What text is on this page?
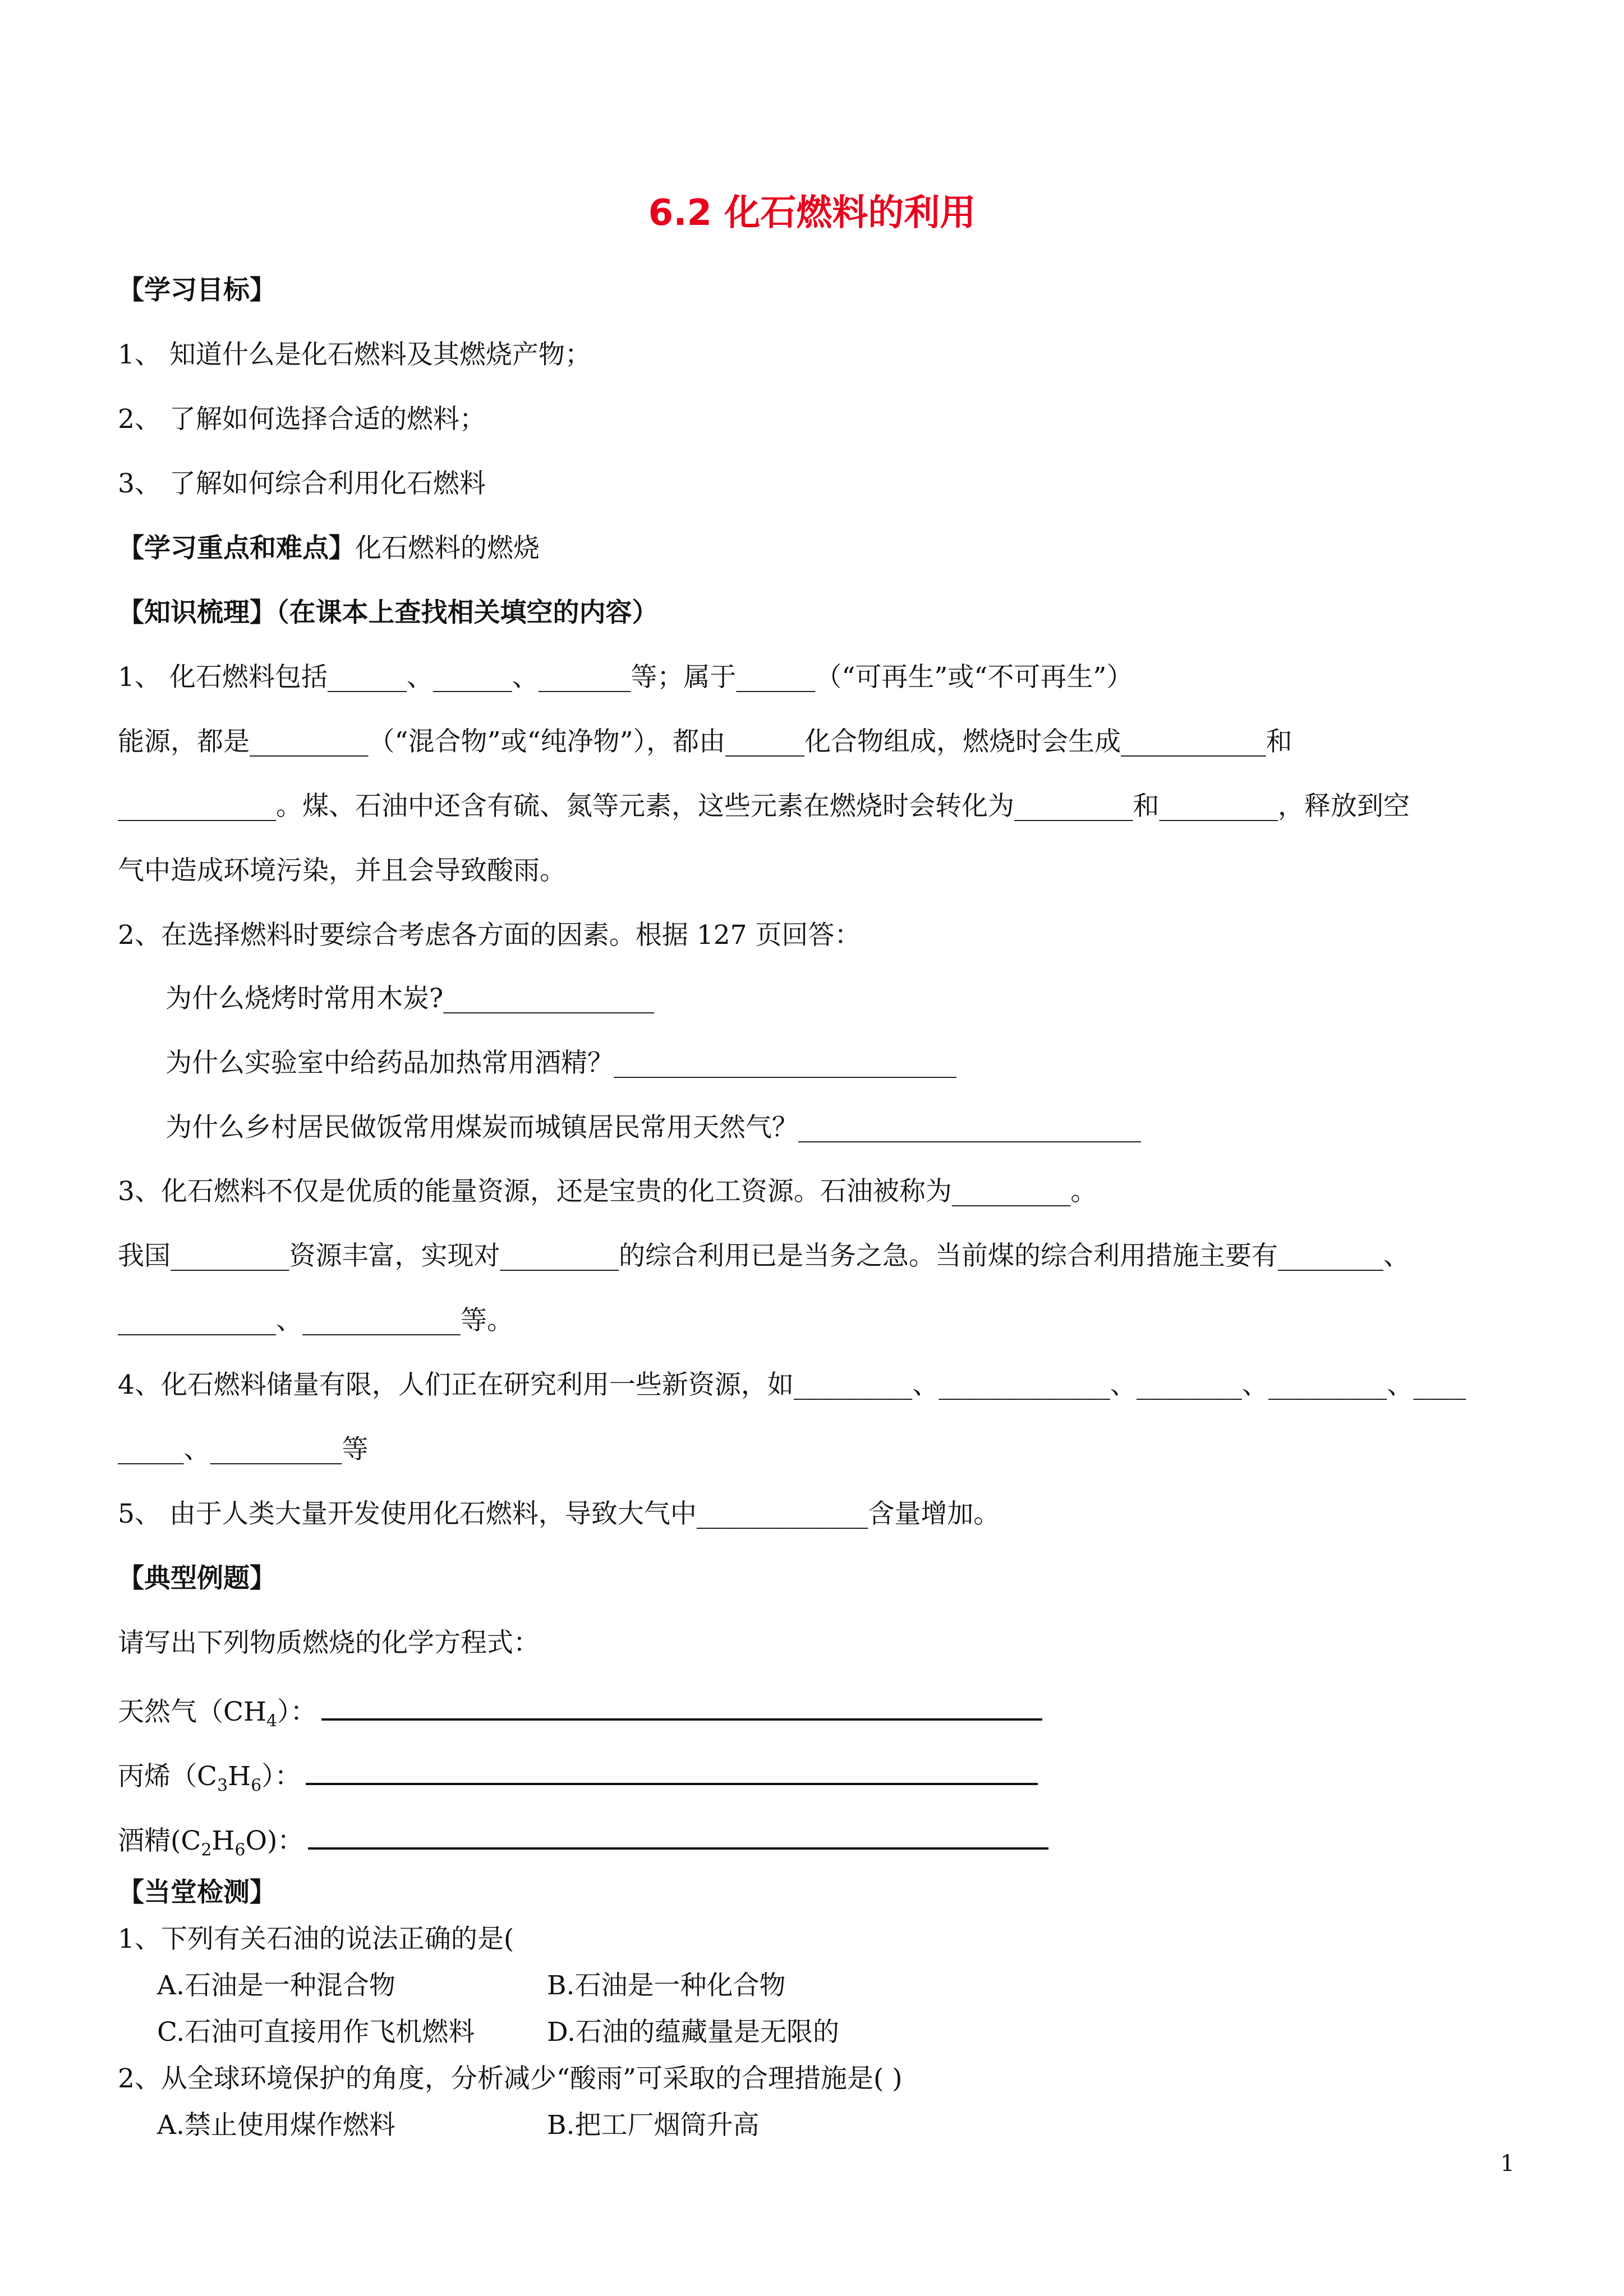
6.2 化石燃料的利用
【学习目标】
1、 知道什么是化石燃料及其燃烧产物；
2、 了解如何选择合适的燃料；
3、 了解如何综合利用化石燃料
【学习重点和难点】化石燃料的燃烧
【知识梳理】（在课本上查找相关填空的内容）
1、 化石燃料包括______、______、_______等；属于______（“可再生”或“不可再生”）
能源，都是_________（“混合物”或“纯净物”），都由______化合物组成，燃烧时会生成___________和
____________。煤、石油中还含有硫、氮等元素，这些元素在燃烧时会转化为_________和_________，释放到空
气中造成环境污染，并且会导致酸雨。
2、在选择燃料时要综合考虑各方面的因素。根据 127 页回答：
为什么烧烤时常用木炭?________________
为什么实验室中给药品加热常用酒精？__________________________
为什么乡村居民做饭常用煤炭而城镇居民常用天然气？__________________________
3、化石燃料不仅是优质的能量资源，还是宝贵的化工资源。石油被称为_________。
我国_________资源丰富，实现对_________的综合利用已是当务之急。当前煤的综合利用措施主要有________、
____________、____________等。
4、化石燃料储量有限，人们正在研究利用一些新资源，如_________、_____________、________、_________、____
_____、__________等
5、 由于人类大量开发使用化石燃料，导致大气中_____________含量增加。
【典型例题】
请写出下列物质燃烧的化学方程式：
天然气$(CH_4)$：
丙烯$(C_3H_6)$：
酒精$(C_2H_6O)$：
【当堂检测】
1、下列有关石油的说法正确的是(
A.石油是一种混合物	B.石油是一种化合物
C.石油可直接用作飞机燃料	D.石油的蕴藏量是无限的
2、从全球环境保护的角度，分析减少“酸雨”可采取的合理措施是( )
A.禁止使用煤作燃料	B.把工厂烟筒升高
1
